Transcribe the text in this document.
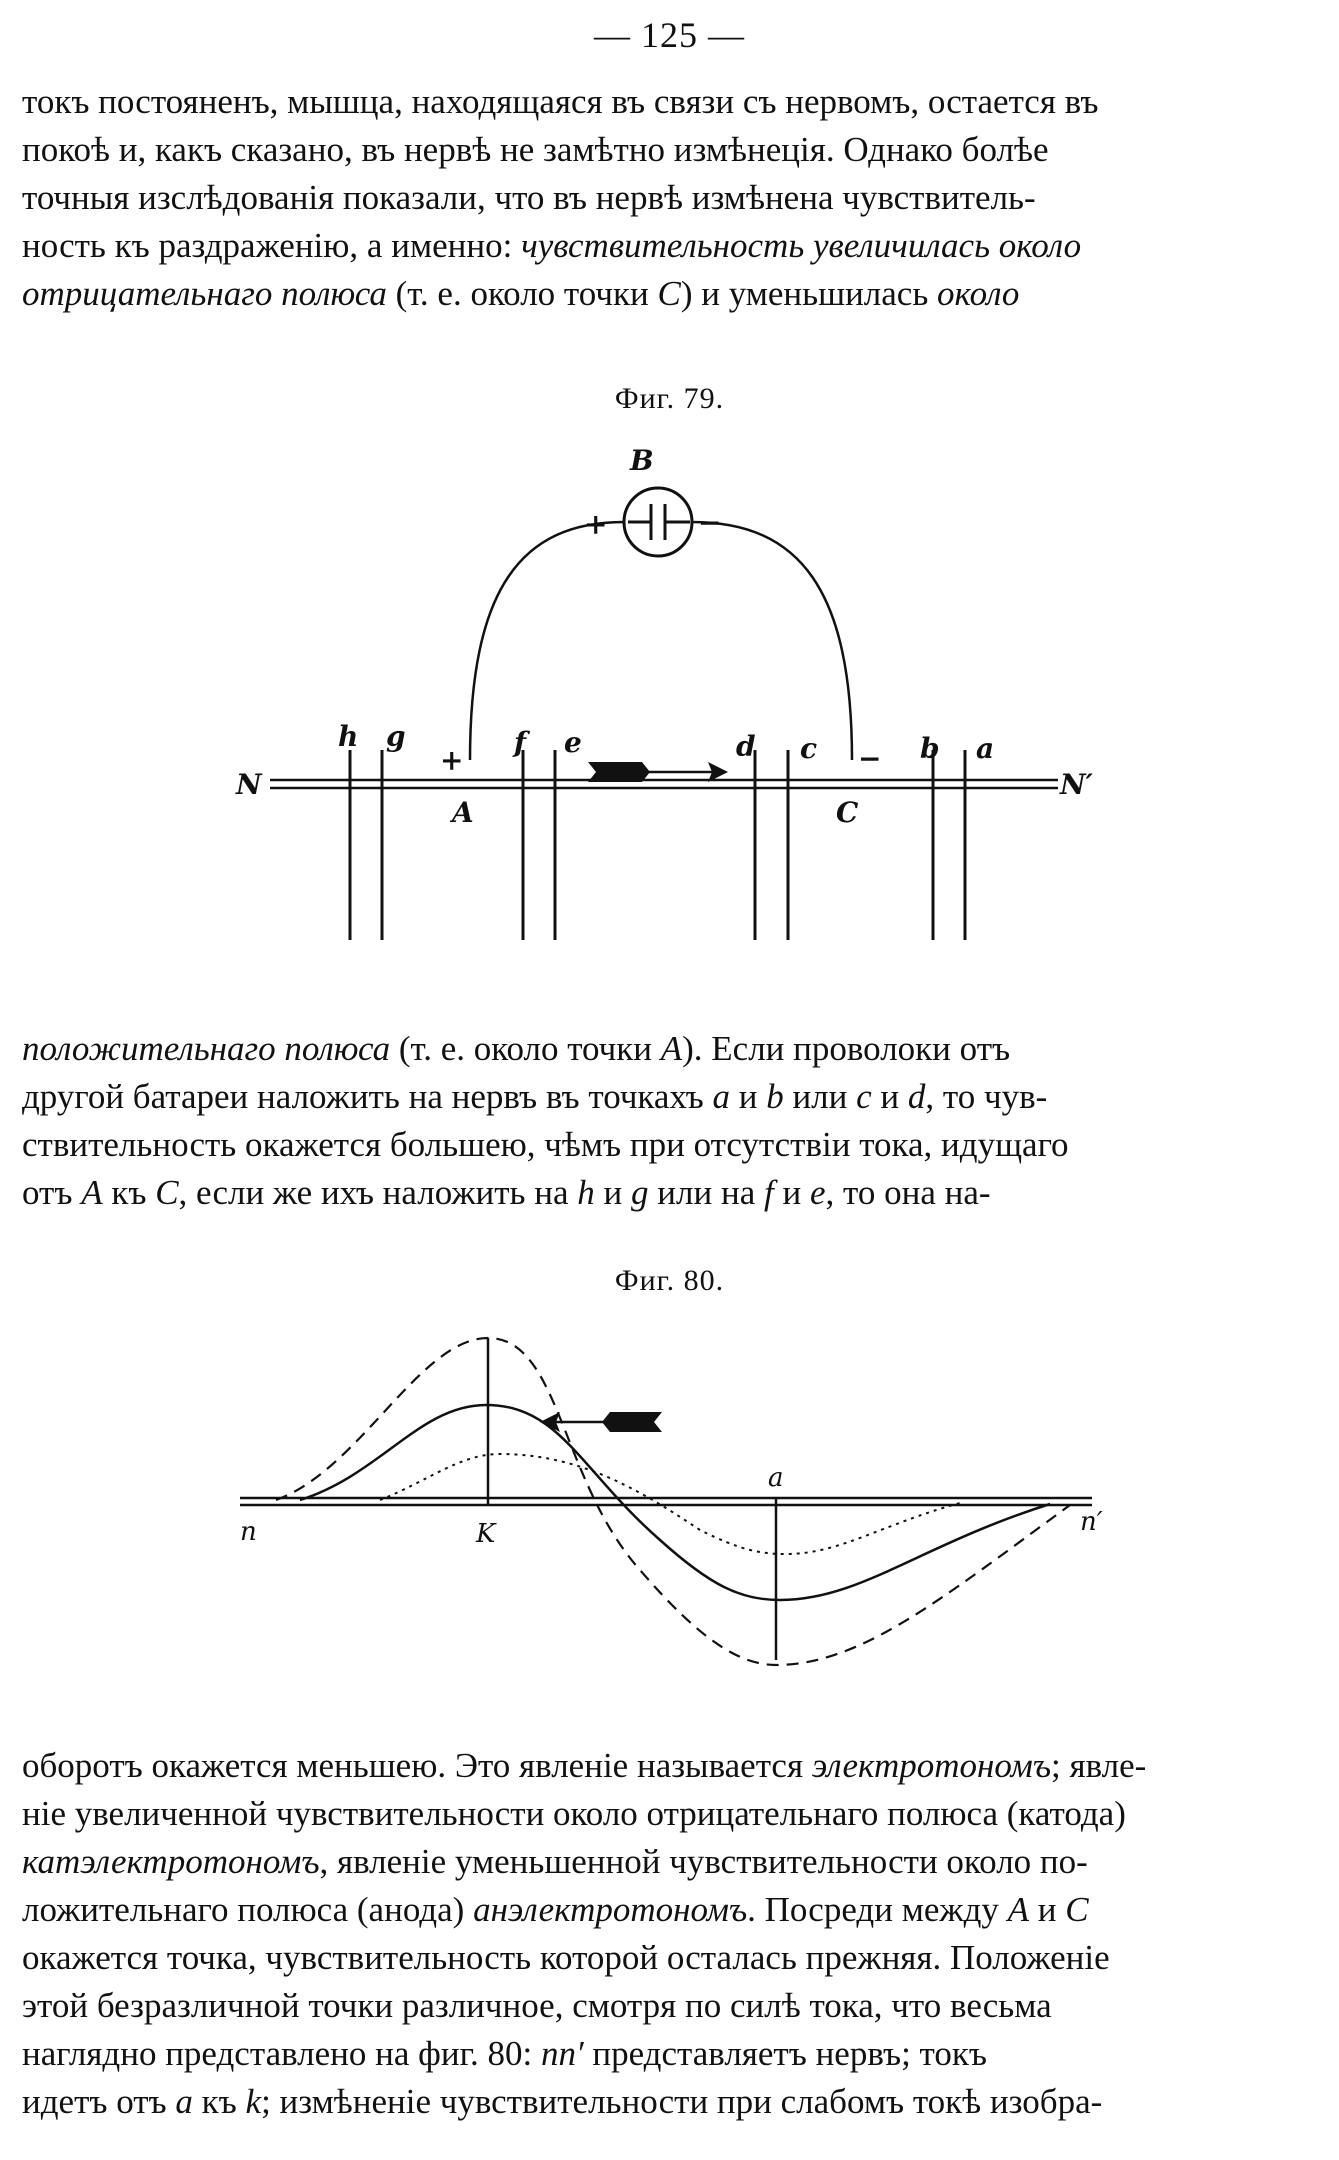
— 125 —
токъ постояненъ, мышца, находящаяся въ связи съ нервомъ, остается въ
покоѣ и, какъ сказано, въ нервѣ не замѣтно измѣнеція. Однако болѣе
точныя изслѣдованія показали, что въ нервѣ измѣнена чувствитель-
ность къ раздраженію, а именно: чувствительность увеличилась около
отрицательнаго полюса (т. е. около точки C) и уменьшилась около
Фиг. 79.
B
+	−
N	N′
+	−
h g	f e	d c	b a
A	C
положительнаго полюса (т. е. около точки A). Если проволоки отъ
другой батареи наложить на нервъ въ точкахъ a и b или c и d, то чув-
ствительность окажется большею, чѣмъ при отсутствіи тока, идущаго
отъ A къ C, если же ихъ наложить на h и g или на f и e, то она на-
Фиг. 80.
n	K
a
n′
оборотъ окажется меньшею. Это явленіе называется электротономъ; явле-
ніе увеличенной чувствительности около отрицательнаго полюса (катода)
катэлектротономъ, явленіе уменьшенной чувствительности около по-
ложительнаго полюса (анода) анэлектротономъ. Посреди между A и C
окажется точка, чувствительность которой осталась прежняя. Положеніе
этой безразличной точки различное, смотря по силѣ тока, что весьма
наглядно представлено на фиг. 80: nn′ представляетъ нервъ; токъ
идетъ отъ a къ k; измѣненіе чувствительности при слабомъ токѣ изобра-
